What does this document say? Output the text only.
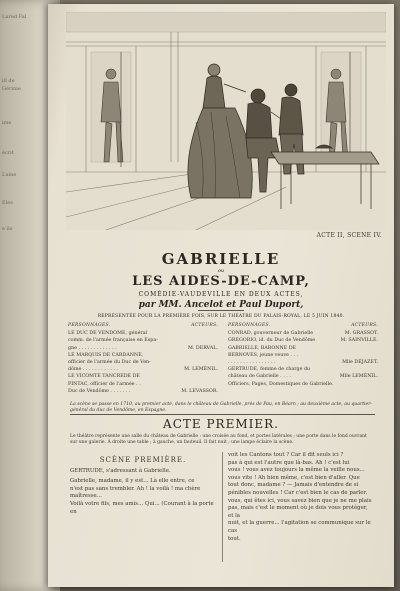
Lured Fal
ill de
Gérinie
ime
écrit
Luine
Eles
e ils
ACTE II, SCENE IV.
GABRIELLE
ou
LES AIDES-DE-CAMP,
COMÉDIE-VAUDEVILLE EN DEUX ACTES,
par MM. Ancelot et Paul Duport,
REPRÉSENTÉE POUR LA PREMIÈRE FOIS, SUR LE THÉATRE DU PALAIS-ROYAL, LE 5 JUIN 1840.
PERSONNAGES.	ACTEURS.
LE DUC DE VENDÔME, général
comm. de l'armée française en Espa-
gne . . . . . . . . . . . . .	M. DERVAL.
LE MARQUIS DE CARDANNE,
officier de l'armée du Duc de Ven-
dôme . . . . . . . . . . . .	M. LEMÉNIL.
LE VICOMTE TANCRÈDE DE
PINTAC, officier de l'armée . .
Duc de Vendôme . . . . . . .	M. LEVASSOR.
PERSONNAGES.	ACTEURS.
CONRAD, gouverneur de Gabrielle	M. GRASSOT.
GRÉGORIO, id. du Duc de Vendôme	M. SAINVILLE.
GABRIELLE, BARONNE DE
BERNOVES, jeune veuve . . .
. . . . . . . . . . . . . . . .	Mlle DÉJAZET.
GERTRUDE, femme de charge du
château de Gabrielle . . . .	Mlle LEMÉNIL.
Officiers, Pages, Domestiques de Gabrielle.
La scène se passe en 1710, au premier acte, dans le château de Gabrielle, près de Pau, en Béarn ; au deuxième acte, au quartier-général du duc de Vendôme, en Espagne.
ACTE PREMIER.
Le théâtre représente une salle du château de Gabrielle : une croisée au fond, et portes latérales ; une porte dans le fond ouvrant sur une galerie. À droite une table ; à gauche, un fauteuil. Il fait nuit ; une lampe éclaire la scène.
SCÈNE PREMIÈRE.
GERTRUDE, s'adressant à Gabrielle.
Gabrielle, madame, il y est... Là elle entre, ce
n'est pas sans trembler. Ah ! la voilà ! ma chère maîtresse...
Voilà votre fils, mes amis... Qui... (Courant à la porte en
voit les Cantons tout ? Car il dit seuls ici ?
pas à qui est l'autre que là-bas. Ah ! c'est lui
vous ! vous avez toujours la même la veille nous...
vous vite ! Ah bien même, c'est bien d'aller. Que
tout donc, madame ? — Jamais d'entendre de si
pénibles nouvelles ! Car c'est bien le cas de parler.
vous, qui êtes ici, vous savez bien que je ne me plais
pas, mais c'est le moment où je dois vous protéger, et la
nuit, et la guerre... l'agitation se communique sur le cas
tout.
